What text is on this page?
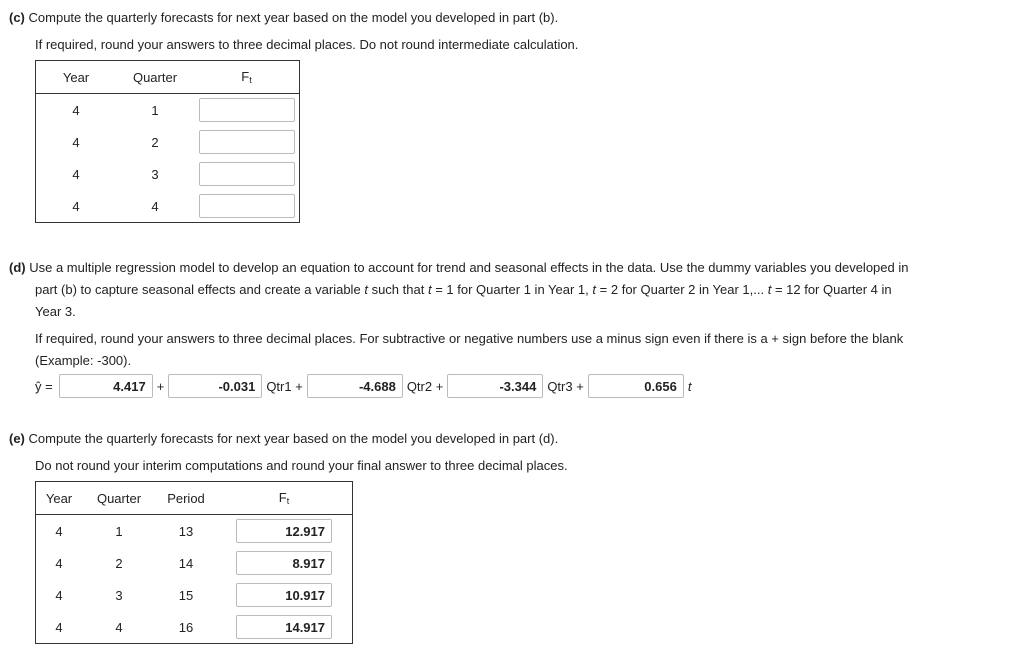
(c) Compute the quarterly forecasts for next year based on the model you developed in part (b).
If required, round your answers to three decimal places. Do not round intermediate calculation.
Year	Quarter	$F_t$
4	1	
4	2	
4	3	
4	4	

(d) Use a multiple regression model to develop an equation to account for trend and seasonal effects in the data. Use the dummy variables you developed in

part (b) to capture seasonal effects and create a variable t such that t = 1 for Quarter 1 in Year 1, t = 2 for Quarter 2 in Year 1,... t = 12 for Quarter 4 in

Year 3.

If required, round your answers to three decimal places. For subtractive or negative numbers use a minus sign even if there is a + sign before the blank

(Example: -300).

ŷ =	4.417 +	-0.031 Qtr1 +	-4.688 Qtr2 +	-3.344 Qtr3 +	0.656 t
(e) Compute the quarterly forecasts for next year based on the model you developed in part (d).
Do not round your interim computations and round your final answer to three decimal places.
Year	Quarter	Period	$F_t$
4	1	13	12.917
4	2	14	8.917
4	3	15	10.917
4	4	16	14.917
